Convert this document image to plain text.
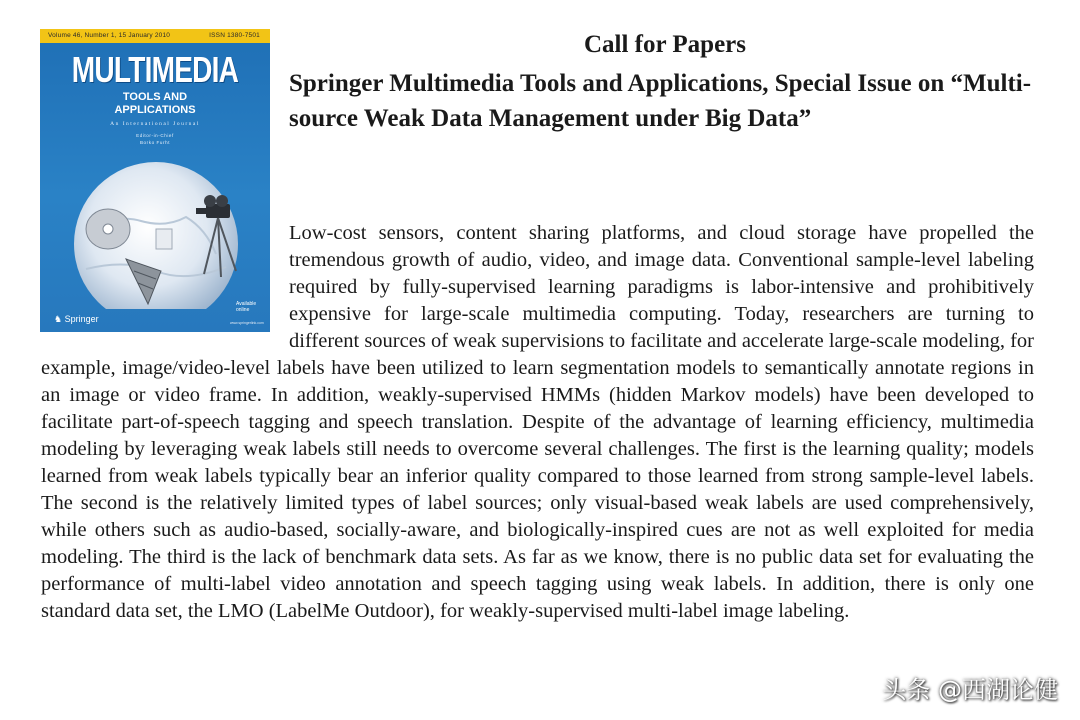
Volume 46, Number 1, 15 January 2010	ISSN 1380-7501
MULTIMEDIA
TOOLS AND
APPLICATIONS
An International Journal
Editor-in-Chief
Borko Furht
♞ Springer
Available online
www.springerlink.com
Call for Papers
Springer Multimedia Tools and Applications, Special Issue on “Multi-source Weak Data Management under Big Data”

Low-cost sensors, content sharing platforms, and cloud storage have propelled the tremendous growth of audio, video, and image data. Conventional sample-level labeling required by fully-supervised learning paradigms is labor-intensive and prohibitively expensive for large-scale multimedia computing. Today, researchers are turning to different sources of weak supervisions to facilitate and accelerate large-scale modeling, for example, image/video-level labels have been utilized to learn segmentation models to semantically annotate regions in an image or video frame. In addition, weakly-supervised HMMs (hidden Markov models) have been developed to facilitate part-of-speech tagging and speech translation. Despite of the advantage of learning efficiency, multimedia modeling by leveraging weak labels still needs to overcome several challenges. The first is the learning quality; models learned from weak labels typically bear an inferior quality compared to those learned from strong sample-level labels. The second is the relatively limited types of label sources; only visual-based weak labels are used comprehensively, while others such as audio-based, socially-aware, and biologically-inspired cues are not as well exploited for media modeling. The third is the lack of benchmark data sets. As far as we know, there is no public data set for evaluating the performance of multi-label video annotation and speech tagging using weak labels. In addition, there is only one standard data set, the LMO (LabelMe Outdoor), for weakly-supervised multi-label image labeling.

头条 @西湖论健
